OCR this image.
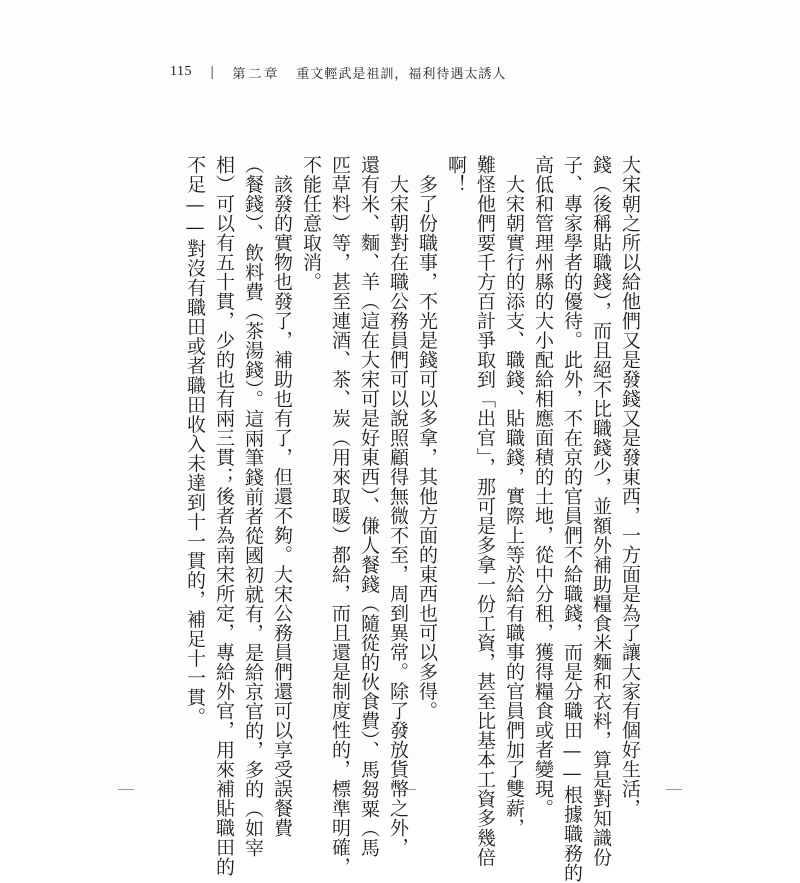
115 | 第二章 重文輕武是祖訓，福利待遇太誘人
大宋朝之所以給他們又是發錢又是發東西，一方面是為了讓大家有個好生活，
錢（後稱貼職錢），而且絕不比職錢少，並額外補助糧食米麵和衣料，算是對知識份
子、專家學者的優待。此外，不在京的官員們不給職錢，而是分職田——根據職務的
高低和管理州縣的大小配給相應面積的土地，從中分租，獲得糧食或者變現。
　大宋朝實行的添支、職錢、貼職錢，實際上等於給有職事的官員們加了雙薪，
難怪他們要千方百計爭取到「出官」，那可是多拿一份工資，甚至比基本工資多幾倍
啊！
　多了份職事，不光是錢可以多拿，其他方面的東西也可以多得。
　大宋朝對在職公務員們可以說照顧得無微不至，周到異常。除了發放貨幣之外，
還有米、麵、羊（這在大宋可是好東西）、傔人餐錢（隨從的伙食費）、馬芻粟（馬
匹草料）等，甚至連酒、茶、炭（用來取暖）都給，而且還是制度性的，標準明確，
不能任意取消。
　該發的實物也發了，補助也有了，但還不夠。大宋公務員們還可以享受誤餐費
（餐錢）、飲料費（茶湯錢）。這兩筆錢前者從國初就有，是給京官的，多的（如宰
相）可以有五十貫，少的也有兩三貫；後者為南宋所定，專給外官，用來補貼職田的
不足——對沒有職田或者職田收入未達到十一貫的，補足十一貫。
